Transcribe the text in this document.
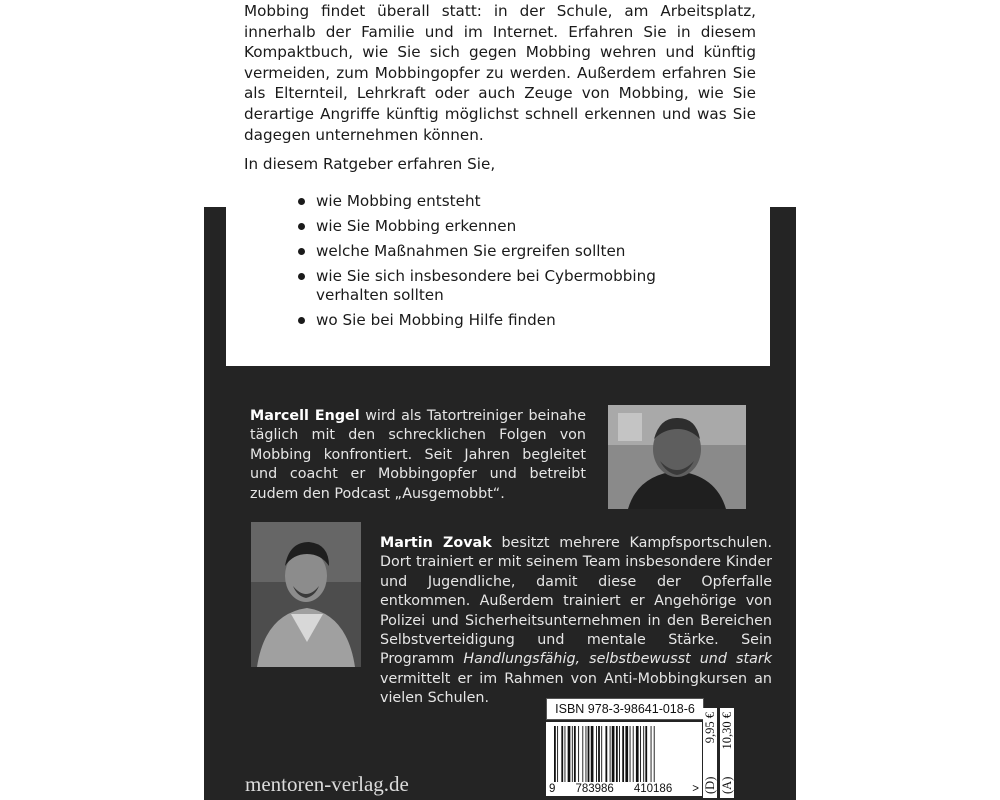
Mobbing findet überall statt: in der Schule, am Arbeitsplatz, innerhalb der Familie und im Internet. Erfahren Sie in diesem Kompaktbuch, wie Sie sich gegen Mobbing wehren und künftig vermeiden, zum Mobbingopfer zu werden. Außerdem erfahren Sie als Elternteil, Lehrkraft oder auch Zeuge von Mobbing, wie Sie derartige Angriffe künftig möglichst schnell erkennen und was Sie dagegen unternehmen können.

In diesem Ratgeber erfahren Sie,

wie Mobbing entsteht
wie Sie Mobbing erkennen
welche Maßnahmen Sie ergreifen sollten
wie Sie sich insbesondere bei Cybermobbing verhalten sollten
wo Sie bei Mobbing Hilfe finden

Marcell Engel wird als Tatortreiniger beinahe täglich mit den schrecklichen Folgen von Mobbing konfrontiert. Seit Jahren begleitet und coacht er Mobbingopfer und betreibt zudem den Podcast „Ausgemobbt“.

Martin Zovak besitzt mehrere Kampfsportschulen. Dort trainiert er mit seinem Team insbesondere Kinder und Jugendliche, damit diese der Opferfalle entkommen. Außerdem trainiert er Angehörige von Polizei und Sicherheitsunternehmen in den Bereichen Selbstverteidigung und mentale Stärke. Sein Programm Handlungsfähig, selbstbewusst und stark vermittelt er im Rahmen von Anti-Mobbingkursen an vielen Schulen.

ISBN 978-3-98641-018-6
9 783986 410186 > (D)
9,95 €
(A)
10,30 €
mentoren-verlag.de
